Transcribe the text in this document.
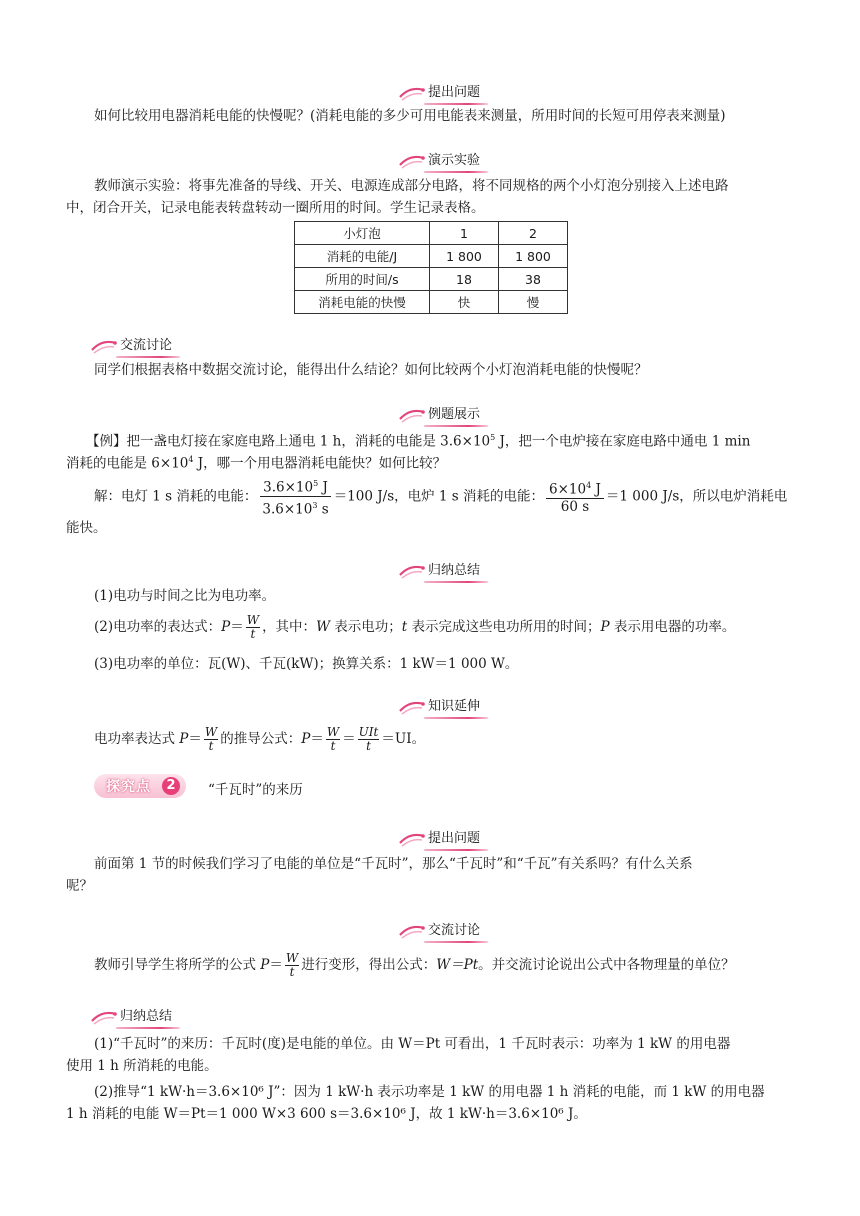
提出问题
如何比较用电器消耗电能的快慢呢？(消耗电能的多少可用电能表来测量，所用时间的长短可用停表来测量)
演示实验
教师演示实验：将事先准备的导线、开关、电源连成部分电路，将不同规格的两个小灯泡分别接入上述电路
中，闭合开关，记录电能表转盘转动一圈所用的时间。学生记录表格。
小灯泡	1	2
消耗的电能/J	1 800	1 800
所用的时间/s	18	38
消耗电能的快慢	快	慢
交流讨论
同学们根据表格中数据交流讨论，能得出什么结论？如何比较两个小灯泡消耗电能的快慢呢？
例题展示
【例】把一盏电灯接在家庭电路上通电 1 h，消耗的电能是 $3.6\times 10^5$ J，把一个电炉接在家庭电路中通电 1 min
消耗的电能是 $6\times 10^4$ J，哪一个用电器消耗电能快？如何比较？
解：电灯 1 s 消耗的电能： $\frac{3.6\times 10^5 J}{3.6\times 10^3 s} =100$ J/s，电炉 1 s 消耗的电能： $\frac{6\times 10^4 J}{60 s} =1$ 000 J/s，所以电炉消耗电
能快。
归纳总结
(1)电功与时间之比为电功率。
(2)电功率的表达式：$P= \frac{W}{t}$ ，其中：W 表示电功；t 表示完成这些电功所用的时间；P 表示用电器的功率。
(3)电功率的单位：瓦(W)、千瓦(kW)；换算关系：1 kW＝1 000 W。
知识延伸
电功率表达式 $P= \frac{W}{t}$ 的推导公式：$P= \frac{W}{t} = \frac{\text{UIt}}{t} =UI$。
探究点	2	“千瓦时”的来历
提出问题
前面第 1 节的时候我们学习了电能的单位是“千瓦时”，那么“千瓦时”和“千瓦”有关系吗？有什么关系
呢？
交流讨论
教师引导学生将所学的公式 $P= \frac{W}{t}$ 进行变形，得出公式：W＝Pt。并交流讨论说出公式中各物理量的单位？
归纳总结
(1)“千瓦时”的来历：千瓦时(度)是电能的单位。由 W＝Pt 可看出，1 千瓦时表示：功率为 1 kW 的用电器
使用 1 h 所消耗的电能。
(2)推导“1 kW·h＝3.6×10⁶ J”：因为 1 kW·h 表示功率是 1 kW 的用电器 1 h 消耗的电能，而 1 kW 的用电器
1 h 消耗的电能 W＝Pt＝1 000 W×3 600 s＝3.6×10⁶ J，故 1 kW·h＝3.6×10⁶ J。
